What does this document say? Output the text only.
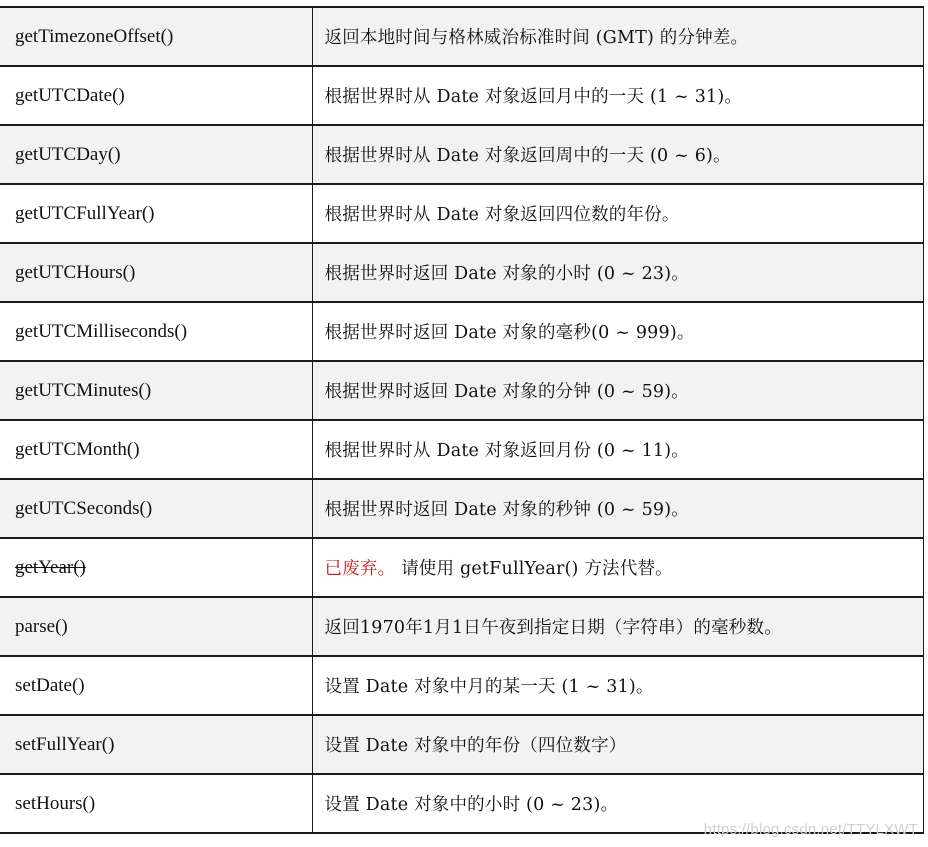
getTimezoneOffset()	返回本地时间与格林威治标准时间 (GMT) 的分钟差。
getUTCDate()	根据世界时从 Date 对象返回月中的一天 (1 ~ 31)。
getUTCDay()	根据世界时从 Date 对象返回周中的一天 (0 ~ 6)。
getUTCFullYear()	根据世界时从 Date 对象返回四位数的年份。
getUTCHours()	根据世界时返回 Date 对象的小时 (0 ~ 23)。
getUTCMilliseconds()	根据世界时返回 Date 对象的毫秒(0 ~ 999)。
getUTCMinutes()	根据世界时返回 Date 对象的分钟 (0 ~ 59)。
getUTCMonth()	根据世界时从 Date 对象返回月份 (0 ~ 11)。
getUTCSeconds()	根据世界时返回 Date 对象的秒钟 (0 ~ 59)。
getYear()	已废弃。 请使用 getFullYear() 方法代替。
parse()	返回1970年1月1日午夜到指定日期（字符串）的毫秒数。
setDate()	设置 Date 对象中月的某一天 (1 ~ 31)。
setFullYear()	设置 Date 对象中的年份（四位数字）
setHours()	设置 Date 对象中的小时 (0 ~ 23)。
https://blog.csdn.net/TTYLXWT
